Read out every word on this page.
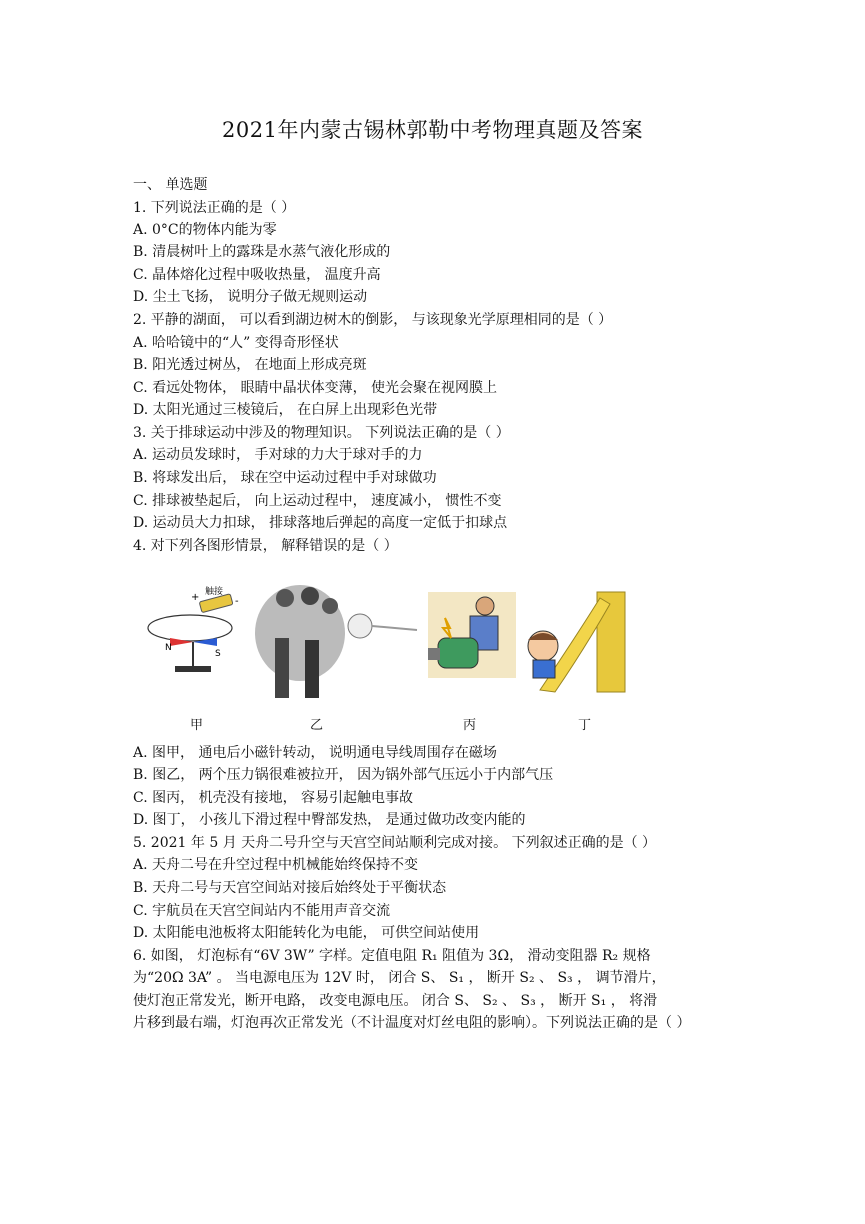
2021年内蒙古锡林郭勒中考物理真题及答案
一、 单选题
1. 下列说法正确的是（ ）
A. 0°C的物体内能为零
B. 清晨树叶上的露珠是水蒸气液化形成的
C. 晶体熔化过程中吸收热量， 温度升高
D. 尘土飞扬， 说明分子做无规则运动
2. 平静的湖面， 可以看到湖边树木的倒影， 与该现象光学原理相同的是（ ）
A. 哈哈镜中的“人” 变得奇形怪状
B. 阳光透过树丛， 在地面上形成亮斑
C. 看远处物体， 眼睛中晶状体变薄， 使光会聚在视网膜上
D. 太阳光通过三棱镜后， 在白屏上出现彩色光带
3. 关于排球运动中涉及的物理知识。 下列说法正确的是（ ）
A. 运动员发球时， 手对球的力大于球对手的力
B. 将球发出后， 球在空中运动过程中手对球做功
C. 排球被垫起后， 向上运动过程中， 速度减小， 惯性不变
D. 运动员大力扣球， 排球落地后弹起的高度一定低于扣球点
4. 对下列各图形情景， 解释错误的是（ ）
触接
+	-
N
S
甲	乙	丙	丁
A. 图甲， 通电后小磁针转动， 说明通电导线周围存在磁场
B. 图乙， 两个压力锅很难被拉开， 因为锅外部气压远小于内部气压
C. 图丙， 机壳没有接地， 容易引起触电事故
D. 图丁， 小孩儿下滑过程中臀部发热， 是通过做功改变内能的
5. 2021 年 5 月 天舟二号升空与天宫空间站顺利完成对接。 下列叙述正确的是（ ）
A. 天舟二号在升空过程中机械能始终保持不变
B. 天舟二号与天宫空间站对接后始终处于平衡状态
C. 宇航员在天宫空间站内不能用声音交流
D. 太阳能电池板将太阳能转化为电能， 可供空间站使用
6. 如图， 灯泡标有“6V 3W” 字样。定值电阻 R₁ 阻值为 3Ω， 滑动变阻器 R₂ 规格
为“20Ω 3A” 。 当电源电压为 12V 时， 闭合 S、 S₁ ， 断开 S₂ 、 S₃ ， 调节滑片，
使灯泡正常发光，断开电路， 改变电源电压。 闭合 S、 S₂ 、 S₃ ， 断开 S₁ ， 将滑
片移到最右端，灯泡再次正常发光（不计温度对灯丝电阻的影响）。下列说法正确的是（ ）
